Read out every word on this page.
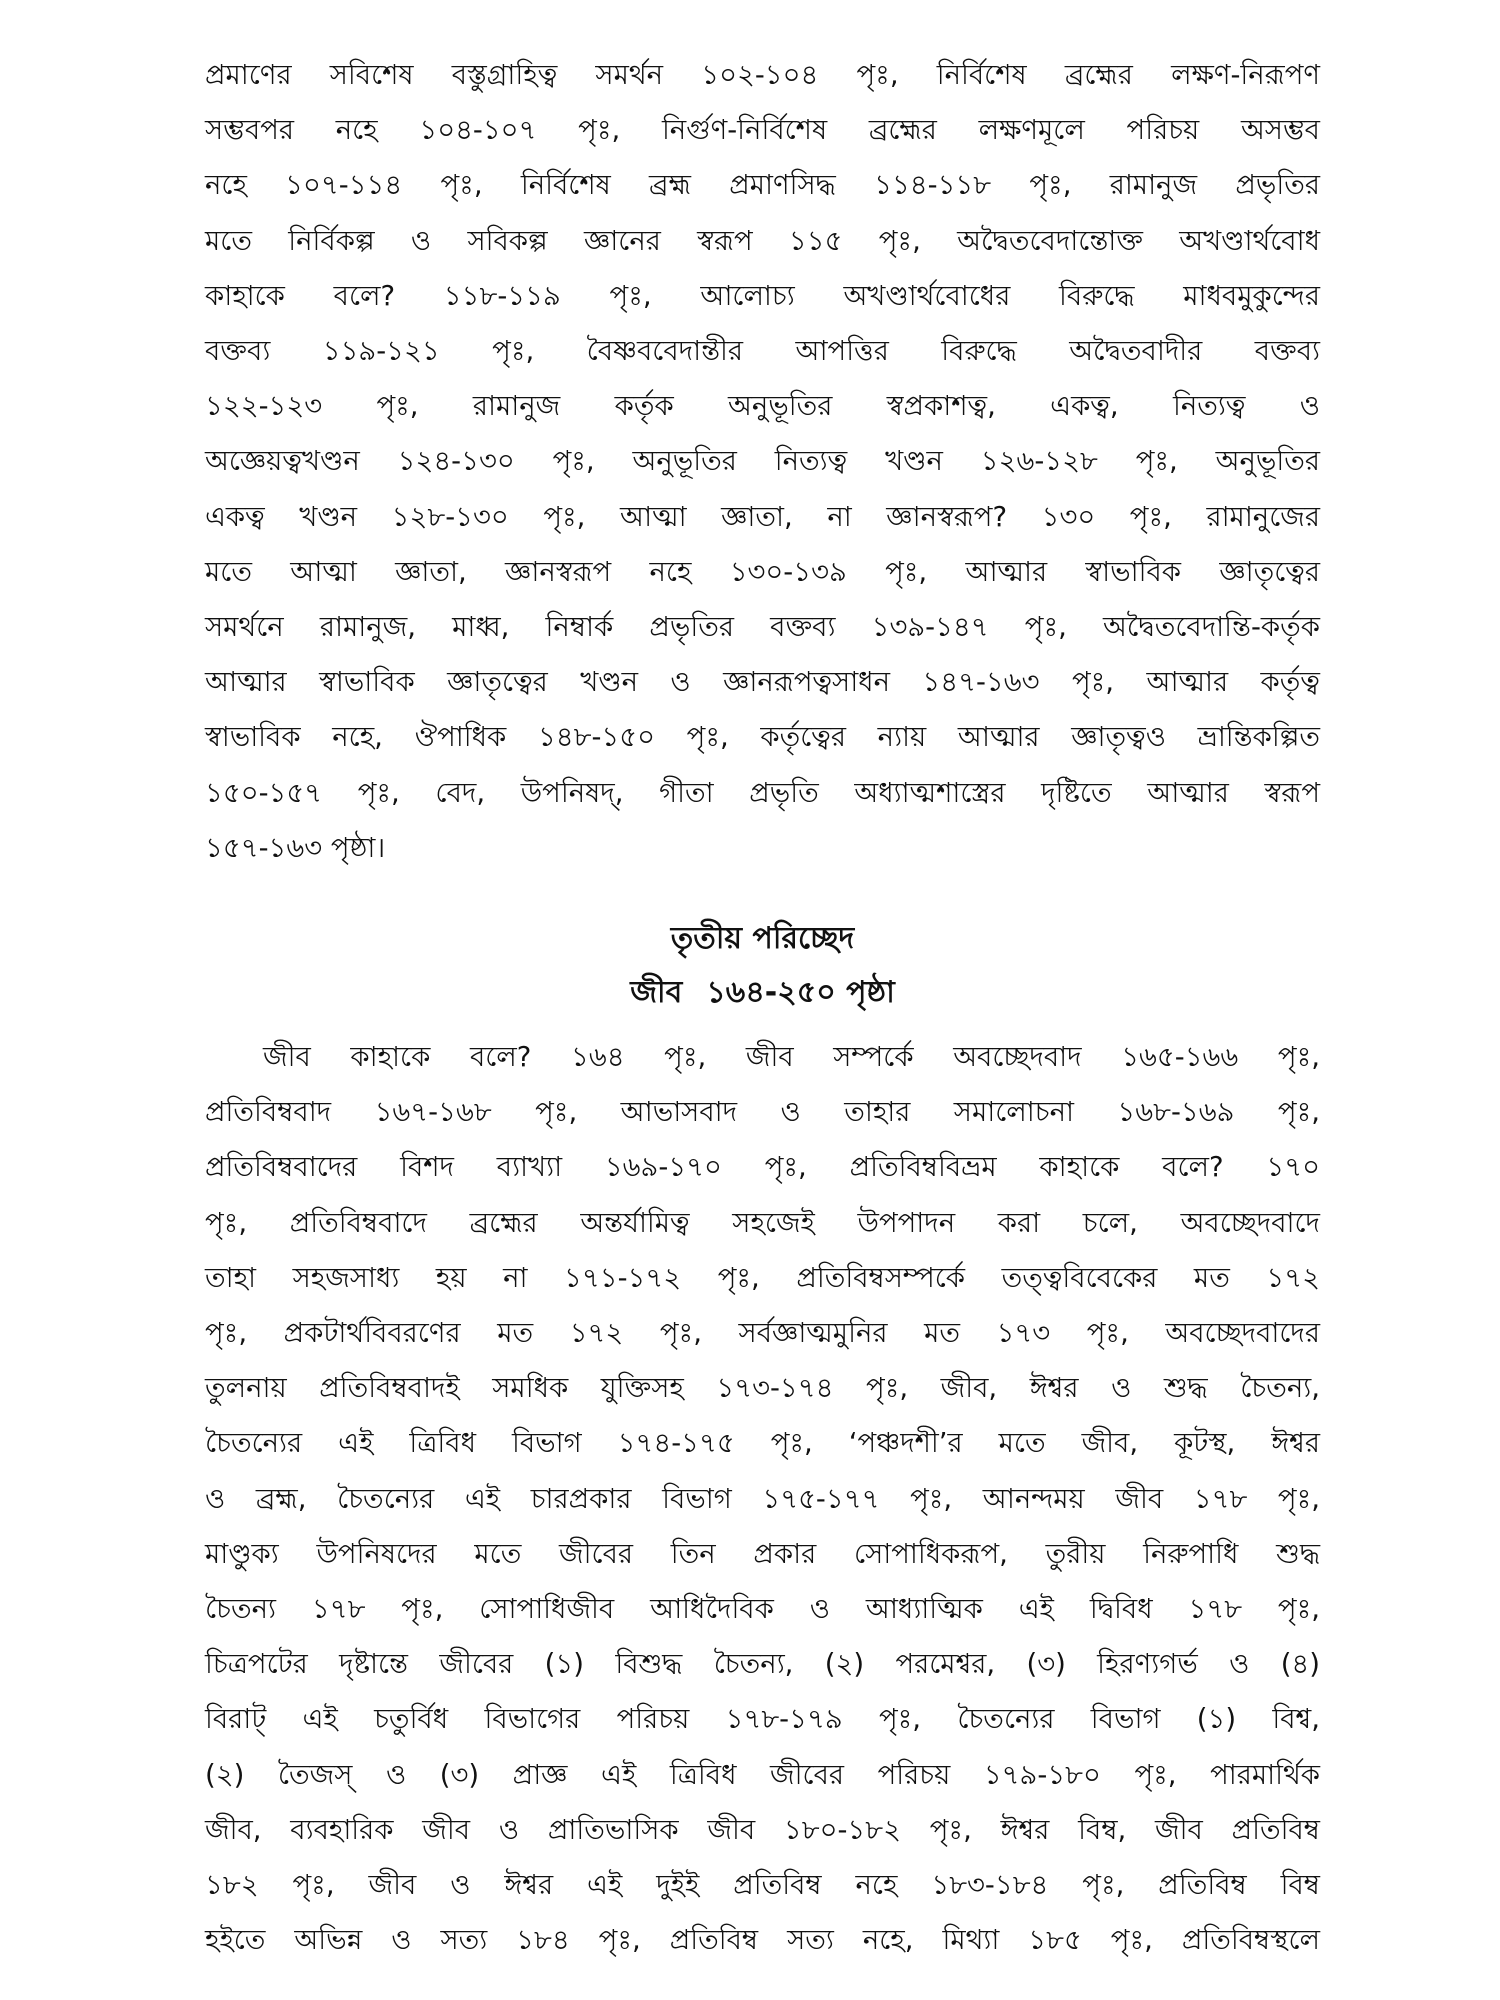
প্রমাণের সবিশেষ বস্তুগ্রাহিত্ব সমর্থন ১০২-১০৪ পৃঃ, নির্বিশেষ ব্রহ্মের লক্ষণ-নিরূপণ
সম্ভবপর নহে ১০৪-১০৭ পৃঃ, নির্গুণ-নির্বিশেষ ব্রহ্মের লক্ষণমূলে পরিচয় অসম্ভব
নহে ১০৭-১১৪ পৃঃ, নির্বিশেষ ব্রহ্ম প্রমাণসিদ্ধ ১১৪-১১৮ পৃঃ, রামানুজ প্রভৃতির
মতে নির্বিকল্প ও সবিকল্প জ্ঞানের স্বরূপ ১১৫ পৃঃ, অদ্বৈতবেদান্তোক্ত অখণ্ডার্থবোধ
কাহাকে বলে? ১১৮-১১৯ পৃঃ, আলোচ্য অখণ্ডার্থবোধের বিরুদ্ধে মাধবমুকুন্দের
বক্তব্য ১১৯-১২১ পৃঃ, বৈষ্ণববেদান্তীর আপত্তির বিরুদ্ধে অদ্বৈতবাদীর বক্তব্য
১২২-১২৩ পৃঃ, রামানুজ কর্তৃক অনুভূতির স্বপ্রকাশত্ব, একত্ব, নিত্যত্ব ও
অজ্ঞেয়ত্বখণ্ডন ১২৪-১৩০ পৃঃ, অনুভূতির নিত্যত্ব খণ্ডন ১২৬-১২৮ পৃঃ, অনুভূতির
একত্ব খণ্ডন ১২৮-১৩০ পৃঃ, আত্মা জ্ঞাতা, না জ্ঞানস্বরূপ? ১৩০ পৃঃ, রামানুজের
মতে আত্মা জ্ঞাতা, জ্ঞানস্বরূপ নহে ১৩০-১৩৯ পৃঃ, আত্মার স্বাভাবিক জ্ঞাতৃত্বের
সমর্থনে রামানুজ, মাধ্ব, নিম্বার্ক প্রভৃতির বক্তব্য ১৩৯-১৪৭ পৃঃ, অদ্বৈতবেদান্তি-কর্তৃক
আত্মার স্বাভাবিক জ্ঞাতৃত্বের খণ্ডন ও জ্ঞানরূপত্বসাধন ১৪৭-১৬৩ পৃঃ, আত্মার কর্তৃত্ব
স্বাভাবিক নহে, ঔপাধিক ১৪৮-১৫০ পৃঃ, কর্তৃত্বের ন্যায় আত্মার জ্ঞাতৃত্বও ভ্রান্তিকল্পিত
১৫০-১৫৭ পৃঃ, বেদ, উপনিষদ্, গীতা প্রভৃতি অধ্যাত্মশাস্ত্রের দৃষ্টিতে আত্মার স্বরূপ
১৫৭-১৬৩ পৃষ্ঠা।

তৃতীয় পরিচ্ছেদ
জীব ১৬৪-২৫০ পৃষ্ঠা

জীব কাহাকে বলে? ১৬৪ পৃঃ, জীব সম্পর্কে অবচ্ছেদবাদ ১৬৫-১৬৬ পৃঃ,
প্রতিবিম্ববাদ ১৬৭-১৬৮ পৃঃ, আভাসবাদ ও তাহার সমালোচনা ১৬৮-১৬৯ পৃঃ,
প্রতিবিম্ববাদের বিশদ ব্যাখ্যা ১৬৯-১৭০ পৃঃ, প্রতিবিম্ববিভ্রম কাহাকে বলে? ১৭০
পৃঃ, প্রতিবিম্ববাদে ব্রহ্মের অন্তর্যামিত্ব সহজেই উপপাদন করা চলে, অবচ্ছেদবাদে
তাহা সহজসাধ্য হয় না ১৭১-১৭২ পৃঃ, প্রতিবিম্বসম্পর্কে তত্ত্ববিবেকের মত ১৭২
পৃঃ, প্রকটার্থবিবরণের মত ১৭২ পৃঃ, সর্বজ্ঞাত্মমুনির মত ১৭৩ পৃঃ, অবচ্ছেদবাদের
তুলনায় প্রতিবিম্ববাদই সমধিক যুক্তিসহ ১৭৩-১৭৪ পৃঃ, জীব, ঈশ্বর ও শুদ্ধ চৈতন্য,
চৈতন্যের এই ত্রিবিধ বিভাগ ১৭৪-১৭৫ পৃঃ, ‘পঞ্চদশী’র মতে জীব, কূটস্থ, ঈশ্বর
ও ব্রহ্ম, চৈতন্যের এই চারপ্রকার বিভাগ ১৭৫-১৭৭ পৃঃ, আনন্দময় জীব ১৭৮ পৃঃ,
মাণ্ডুক্য উপনিষদের মতে জীবের তিন প্রকার সোপাধিকরূপ, তুরীয় নিরুপাধি শুদ্ধ
চৈতন্য ১৭৮ পৃঃ, সোপাধিজীব আধিদৈবিক ও আধ্যাত্মিক এই দ্বিবিধ ১৭৮ পৃঃ,
চিত্রপটের দৃষ্টান্তে জীবের (১) বিশুদ্ধ চৈতন্য, (২) পরমেশ্বর, (৩) হিরণ্যগর্ভ ও (৪)
বিরাট্ এই চতুর্বিধ বিভাগের পরিচয় ১৭৮-১৭৯ পৃঃ, চৈতন্যের বিভাগ (১) বিশ্ব,
(২) তৈজস্ ও (৩) প্রাজ্ঞ এই ত্রিবিধ জীবের পরিচয় ১৭৯-১৮০ পৃঃ, পারমার্থিক
জীব, ব্যবহারিক জীব ও প্রাতিভাসিক জীব ১৮০-১৮২ পৃঃ, ঈশ্বর বিম্ব, জীব প্রতিবিম্ব
১৮২ পৃঃ, জীব ও ঈশ্বর এই দুইই প্রতিবিম্ব নহে ১৮৩-১৮৪ পৃঃ, প্রতিবিম্ব বিম্ব
হইতে অভিন্ন ও সত্য ১৮৪ পৃঃ, প্রতিবিম্ব সত্য নহে, মিথ্যা ১৮৫ পৃঃ, প্রতিবিম্বস্থলে
